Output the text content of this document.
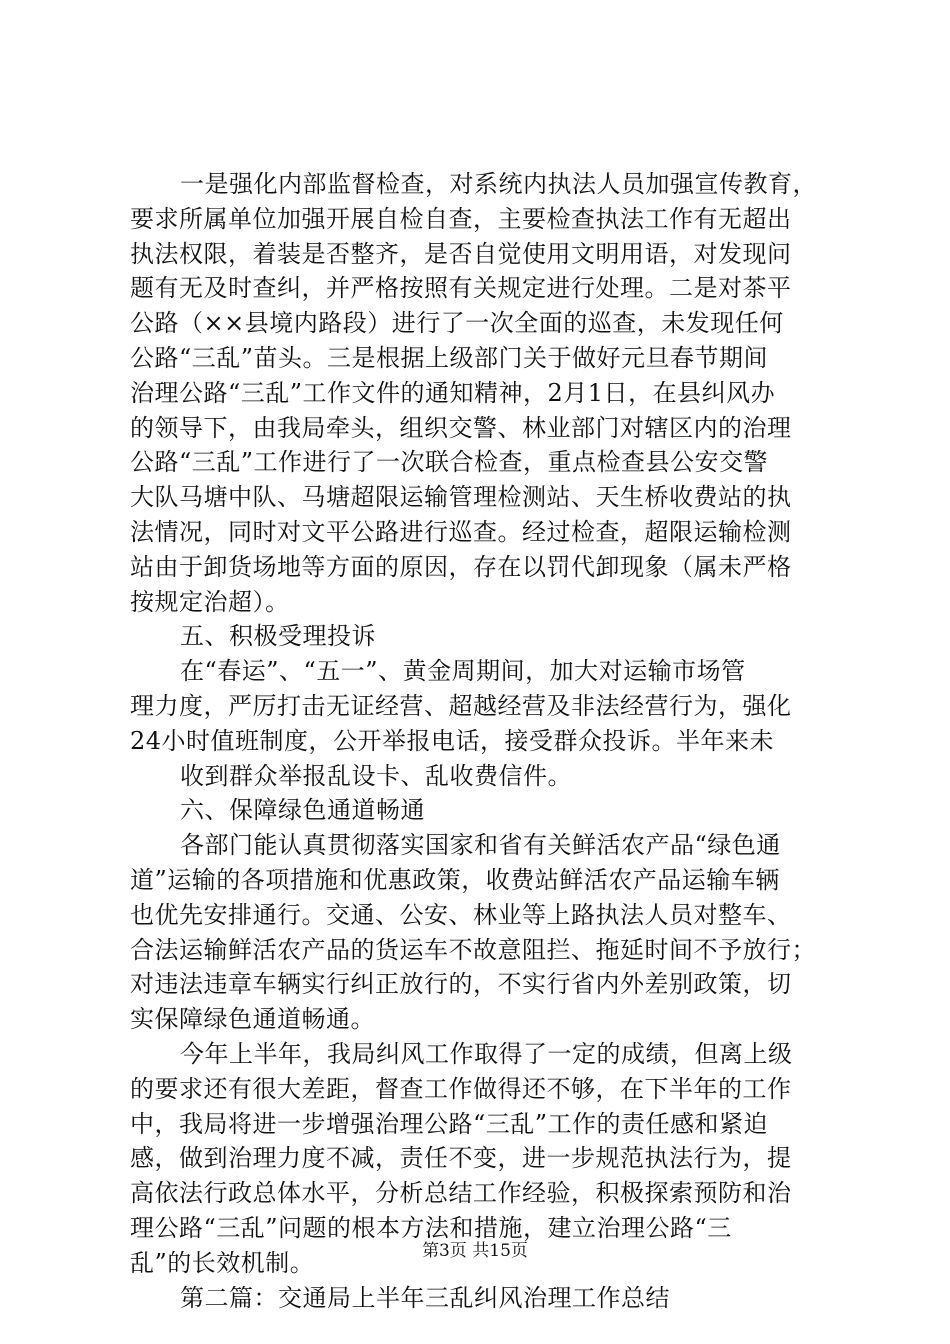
一是强化内部监督检查，对系统内执法人员加强宣传教育，
要求所属单位加强开展自检自查，主要检查执法工作有无超出
执法权限，着装是否整齐，是否自觉使用文明用语，对发现问
题有无及时查纠，并严格按照有关规定进行处理。二是对茶平
公路（××县境内路段）进行了一次全面的巡查，未发现任何
公路“三乱”苗头。三是根据上级部门关于做好元旦春节期间
治理公路“三乱”工作文件的通知精神，2月1日，在县纠风办
的领导下，由我局牵头，组织交警、林业部门对辖区内的治理
公路“三乱”工作进行了一次联合检查，重点检查县公安交警
大队马塘中队、马塘超限运输管理检测站、天生桥收费站的执
法情况，同时对文平公路进行巡查。经过检查，超限运输检测
站由于卸货场地等方面的原因，存在以罚代卸现象（属未严格
按规定治超）。
五、积极受理投诉
在“春运”、“五一”、黄金周期间，加大对运输市场管
理力度，严厉打击无证经营、超越经营及非法经营行为，强化
24小时值班制度，公开举报电话，接受群众投诉。半年来未
收到群众举报乱设卡、乱收费信件。
六、保障绿色通道畅通
各部门能认真贯彻落实国家和省有关鲜活农产品“绿色通
道”运输的各项措施和优惠政策，收费站鲜活农产品运输车辆
也优先安排通行。交通、公安、林业等上路执法人员对整车、
合法运输鲜活农产品的货运车不故意阻拦、拖延时间不予放行；
对违法违章车辆实行纠正放行的，不实行省内外差别政策，切
实保障绿色通道畅通。
今年上半年，我局纠风工作取得了一定的成绩，但离上级
的要求还有很大差距，督查工作做得还不够，在下半年的工作
中，我局将进一步增强治理公路“三乱”工作的责任感和紧迫
感，做到治理力度不减，责任不变，进一步规范执法行为，提
高依法行政总体水平，分析总结工作经验，积极探索预防和治
理公路“三乱”问题的根本方法和措施，建立治理公路“三
乱”的长效机制。
第二篇：交通局上半年三乱纠风治理工作总结
第3页 共15页
